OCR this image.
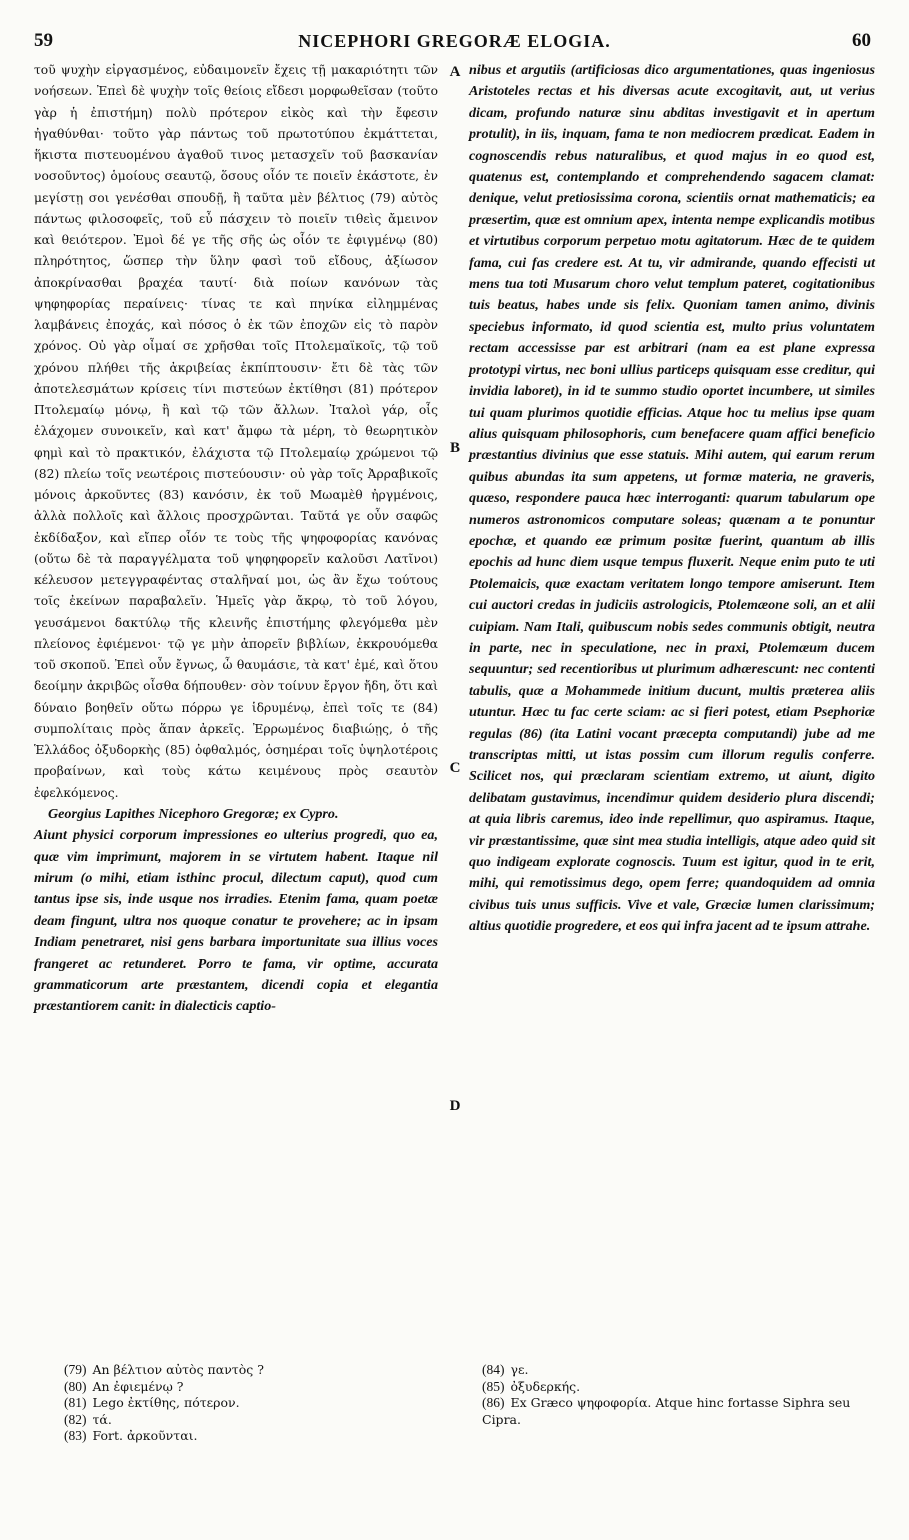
59	NICEPHORI GREGORÆ ELOGIA.	60

τοῦ ψυχὴν εἰργασμένος, εὐδαιμονεῖν ἔχεις τῇ μακαριότητι τῶν νοήσεων. Ἐπεὶ δὲ ψυχὴν τοῖς θείοις εἴδεσι μορφωθεῖσαν (τοῦτο γὰρ ἡ ἐπιστήμη) πολὺ πρότερον εἰκὸς καὶ τὴν ἔφεσιν ἠγαθύνθαι· τοῦτο γὰρ πάντως τοῦ πρωτοτύπου ἐκμάττεται, ἥκιστα πιστευομένου ἀγαθοῦ τινος μετασχεῖν τοῦ βασκανίαν νοσοῦντος) ὁμοίους σεαυτῷ, ὅσους οἷόν τε ποιεῖν ἑκάστοτε, ἐν μεγίστῃ σοι γενέσθαι σπουδῇ, ἢ ταῦτα μὲν βέλτιος (79) αὐτὸς πάντως φιλοσοφεῖς, τοῦ εὖ πάσχειν τὸ ποιεῖν τιθεὶς ἄμεινον καὶ θειότερον. Ἐμοὶ δέ γε τῆς σῆς ὡς οἷόν τε ἐφιγμένῳ (80) πληρότητος, ὥσπερ τὴν ὕλην φασὶ τοῦ εἴδους, ἀξίωσον ἀποκρίνασθαι βραχέα ταυτί· διὰ ποίων κανόνων τὰς ψηφηφορίας περαίνεις· τίνας τε καὶ πηνίκα εἰλημμένας λαμβάνεις ἐποχάς, καὶ πόσος ὁ ἐκ τῶν ἐποχῶν εἰς τὸ παρὸν χρόνος. Οὐ γὰρ οἶμαί σε χρῆσθαι τοῖς Πτολεμαϊκοῖς, τῷ τοῦ χρόνου πλήθει τῆς ἀκριβείας ἐκπίπτουσιν· ἔτι δὲ τὰς τῶν ἀποτελεσμάτων κρίσεις τίνι πιστεύων ἐκτίθησι (81) πρότερον Πτολεμαίῳ μόνῳ, ἢ καὶ τῷ τῶν ἄλλων. Ἰταλοὶ γάρ, οἷς ἐλάχομεν συνοικεῖν, καὶ κατ' ἄμφω τὰ μέρη, τὸ θεωρητικὸν φημὶ καὶ τὸ πρακτικόν, ἐλάχιστα τῷ Πτολεμαίῳ χρώμενοι τῷ (82) πλείω τοῖς νεωτέροις πιστεύουσιν· οὐ γὰρ τοῖς Ἀρραβικοῖς μόνοις ἀρκοῦντες (83) κανόσιν, ἐκ τοῦ Μωαμὲθ ἠργμένοις, ἀλλὰ πολλοῖς καὶ ἄλλοις προσχρῶνται. Ταῦτά γε οὖν σαφῶς ἐκδίδαξον, καὶ εἴπερ οἷόν τε τοὺς τῆς ψηφοφορίας κανόνας (οὕτω δὲ τὰ παραγγέλματα τοῦ ψηφηφορεῖν καλοῦσι Λατῖνοι) κέλευσον μετεγγραφέντας σταλῆναί μοι, ὡς ἂν ἔχω τούτους τοῖς ἐκείνων παραβαλεῖν. Ἡμεῖς γὰρ ἄκρῳ, τὸ τοῦ λόγου, γευσάμενοι δακτύλῳ τῆς κλεινῆς ἐπιστήμης φλεγόμεθα μὲν πλείονος ἐφιέμενοι· τῷ γε μὴν ἀπορεῖν βιβλίων, ἐκκρουόμεθα τοῦ σκοποῦ. Ἐπεὶ οὖν ἔγνως, ὦ θαυμάσιε, τὰ κατ' ἐμέ, καὶ ὅτου δεοίμην ἀκριβῶς οἶσθα δήπουθεν· σὸν τοίνυν ἔργον ἤδη, ὅτι καὶ δύναιο βοηθεῖν οὕτω πόρρω γε ἱδρυμένῳ, ἐπεὶ τοῖς τε (84) συμπολίταις πρὸς ἅπαν ἀρκεῖς. Ἐρρωμένος διαβιώῃς, ὁ τῆς Ἑλλάδος ὀξυδορκὴς (85) ὀφθαλμός, ὁσημέραι τοῖς ὑψηλοτέροις προβαίνων, καὶ τοὺς κάτω κειμένους πρὸς σεαυτὸν ἐφελκόμενος.

Georgius Lapithes Nicephoro Gregoræ; ex Cypro.

Aiunt physici corporum impressiones eo ulterius progredi, quo ea, quæ vim imprimunt, majorem in se virtutem habent. Itaque nil mirum (o mihi, etiam isthinc procul, dilectum caput), quod cum tantus ipse sis, inde usque nos irradies. Etenim fama, quam poetæ deam fingunt, ultra nos quoque conatur te provehere; ac in ipsam Indiam penetraret, nisi gens barbara importunitate sua illius voces frangeret ac retunderet. Porro te fama, vir optime, accurata grammaticorum arte præstantem, dicendi copia et elegantia præstantiorem canit: in dialecticis captio-

A
B
C
D

nibus et argutiis (artificiosas dico argumentationes, quas ingeniosus Aristoteles rectas et his diversas acute excogitavit, aut, ut verius dicam, profundo naturæ sinu abditas investigavit et in apertum protulit), in iis, inquam, fama te non mediocrem prædicat. Eadem in cognoscendis rebus naturalibus, et quod majus in eo quod est, quatenus est, contemplando et comprehendendo sagacem clamat: denique, velut pretiosissima corona, scientiis ornat mathematicis; ea præsertim, quæ est omnium apex, intenta nempe explicandis motibus et virtutibus corporum perpetuo motu agitatorum. Hæc de te quidem fama, cui fas credere est. At tu, vir admirande, quando effecisti ut mens tua toti Musarum choro velut templum pateret, cogitationibus tuis beatus, habes unde sis felix. Quoniam tamen animo, divinis speciebus informato, id quod scientia est, multo prius voluntatem rectam accessisse par est arbitrari (nam ea est plane expressa prototypi virtus, nec boni ullius particeps quisquam esse creditur, qui invidia laboret), in id te summo studio oportet incumbere, ut similes tui quam plurimos quotidie efficias. Atque hoc tu melius ipse quam alius quisquam philosophoris, cum benefacere quam affici beneficio præstantius divinius que esse statuis. Mihi autem, qui earum rerum quibus abundas ita sum appetens, ut formæ materia, ne graveris, quæso, respondere pauca hæc interroganti: quarum tabularum ope numeros astronomicos computare soleas; quænam a te ponuntur epochæ, et quando eæ primum positæ fuerint, quantum ab illis epochis ad hunc diem usque tempus fluxerit. Neque enim puto te uti Ptolemaicis, quæ exactam veritatem longo tempore amiserunt. Item cui auctori credas in judiciis astrologicis, Ptolemæone soli, an et alii cuipiam. Nam Itali, quibuscum nobis sedes communis obtigit, neutra in parte, nec in speculatione, nec in praxi, Ptolemæum ducem sequuntur; sed recentioribus ut plurimum adhærescunt: nec contenti tabulis, quæ a Mohammede initium ducunt, multis præterea aliis utuntur. Hæc tu fac certe sciam: ac si fieri potest, etiam Psephoriæ regulas (86) (ita Latini vocant præcepta computandi) jube ad me transcriptas mitti, ut istas possim cum illorum regulis conferre. Scilicet nos, qui præclaram scientiam extremo, ut aiunt, digito delibatam gustavimus, incendimur quidem desiderio plura discendi; at quia libris caremus, ideo inde repellimur, quo aspiramus. Itaque, vir præstantissime, quæ sint mea studia intelligis, atque adeo quid sit quo indigeam explorate cognoscis. Tuum est igitur, quod in te erit, mihi, qui remotissimus dego, opem ferre; quandoquidem ad omnia civibus tuis unus sufficis. Vive et vale, Græciæ lumen clarissimum; altius quotidie progredere, et eos qui infra jacent ad te ipsum attrahe.

(79) An βέλτιον αὐτὸς παντὸς ?
(80) An ἐφιεμένῳ ?
(81) Lego ἐκτίθης, πότερον.
(82) τά.
(83) Fort. ἀρκοῦνται.
(84) γε.
(85) ὀξυδερκής.
(86) Ex Græco ψηφοφορία. Atque hinc fortasse Siphra seu Cipra.
